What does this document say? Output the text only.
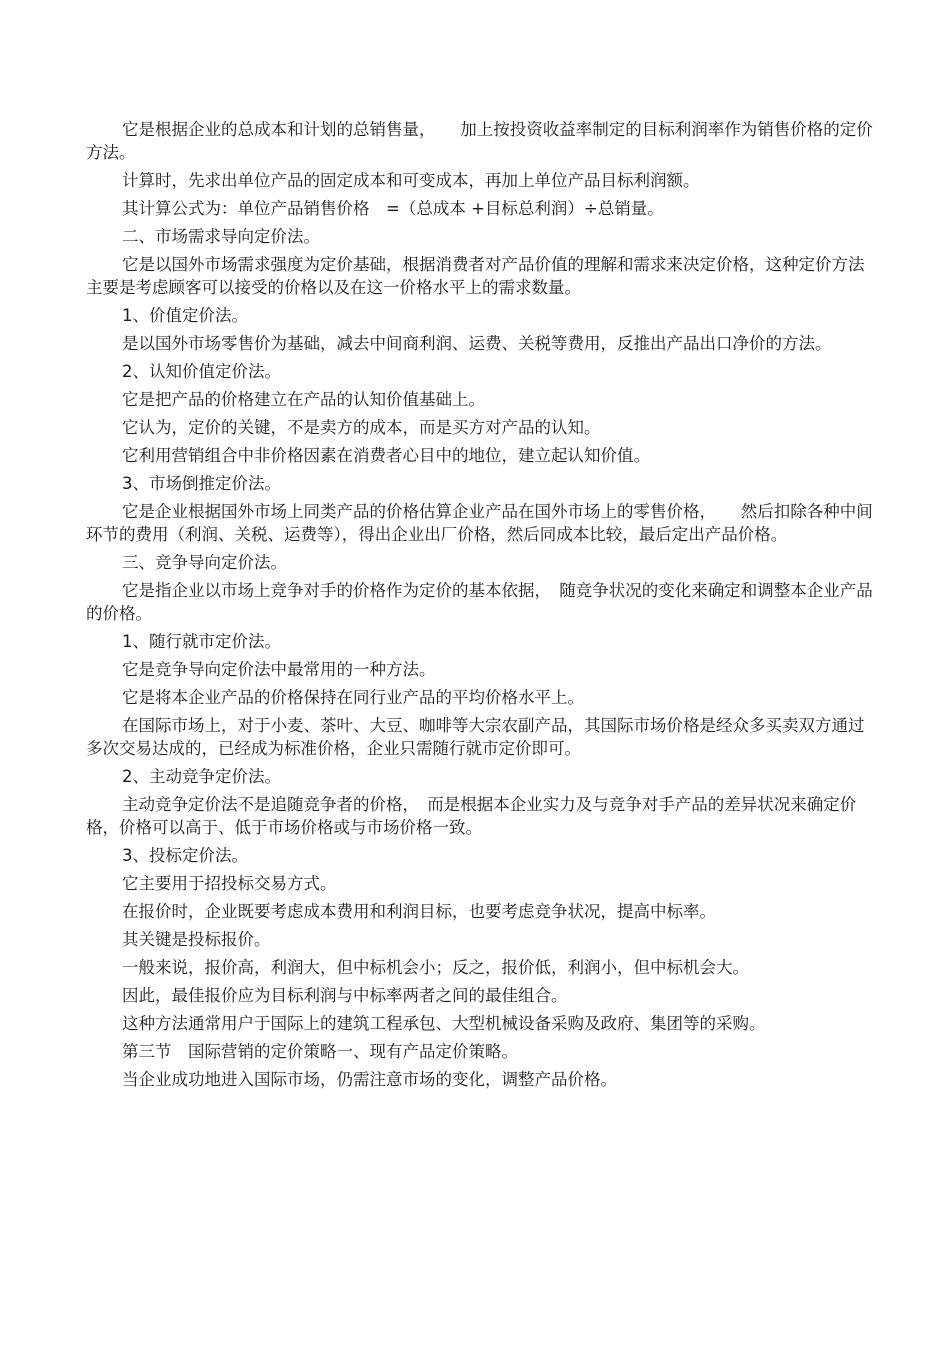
它是根据企业的总成本和计划的总销售量，　　加上按投资收益率制定的目标利润率作为销售价格的定价方法。

计算时，先求出单位产品的固定成本和可变成本，再加上单位产品目标利润额。

其计算公式为：单位产品销售价格　=（总成本 +目标总利润）÷总销量。

二、市场需求导向定价法。

它是以国外市场需求强度为定价基础，根据消费者对产品价值的理解和需求来决定价格，这种定价方法主要是考虑顾客可以接受的价格以及在这一价格水平上的需求数量。

1、价值定价法。

是以国外市场零售价为基础，减去中间商利润、运费、关税等费用，反推出产品出口净价的方法。

2、认知价值定价法。

它是把产品的价格建立在产品的认知价值基础上。

它认为，定价的关键，不是卖方的成本，而是买方对产品的认知。

它利用营销组合中非价格因素在消费者心目中的地位，建立起认知价值。

3、市场倒推定价法。

它是企业根据国外市场上同类产品的价格估算企业产品在国外市场上的零售价格，　　然后扣除各种中间环节的费用（利润、关税、运费等），得出企业出厂价格，然后同成本比较，最后定出产品价格。

三、竞争导向定价法。

它是指企业以市场上竞争对手的价格作为定价的基本依据，　随竞争状况的变化来确定和调整本企业产品的价格。

1、随行就市定价法。

它是竞争导向定价法中最常用的一种方法。

它是将本企业产品的价格保持在同行业产品的平均价格水平上。

在国际市场上，对于小麦、茶叶、大豆、咖啡等大宗农副产品，其国际市场价格是经众多买卖双方通过多次交易达成的，已经成为标准价格，企业只需随行就市定价即可。

2、主动竞争定价法。

主动竞争定价法不是追随竞争者的价格，　而是根据本企业实力及与竞争对手产品的差异状况来确定价格，价格可以高于、低于市场价格或与市场价格一致。

3、投标定价法。

它主要用于招投标交易方式。

在报价时，企业既要考虑成本费用和利润目标，也要考虑竞争状况，提高中标率。

其关键是投标报价。

一般来说，报价高，利润大，但中标机会小；反之，报价低，利润小，但中标机会大。

因此，最佳报价应为目标利润与中标率两者之间的最佳组合。

这种方法通常用户于国际上的建筑工程承包、大型机械设备采购及政府、集团等的采购。

第三节　国际营销的定价策略一、现有产品定价策略。

当企业成功地进入国际市场，仍需注意市场的变化，调整产品价格。
